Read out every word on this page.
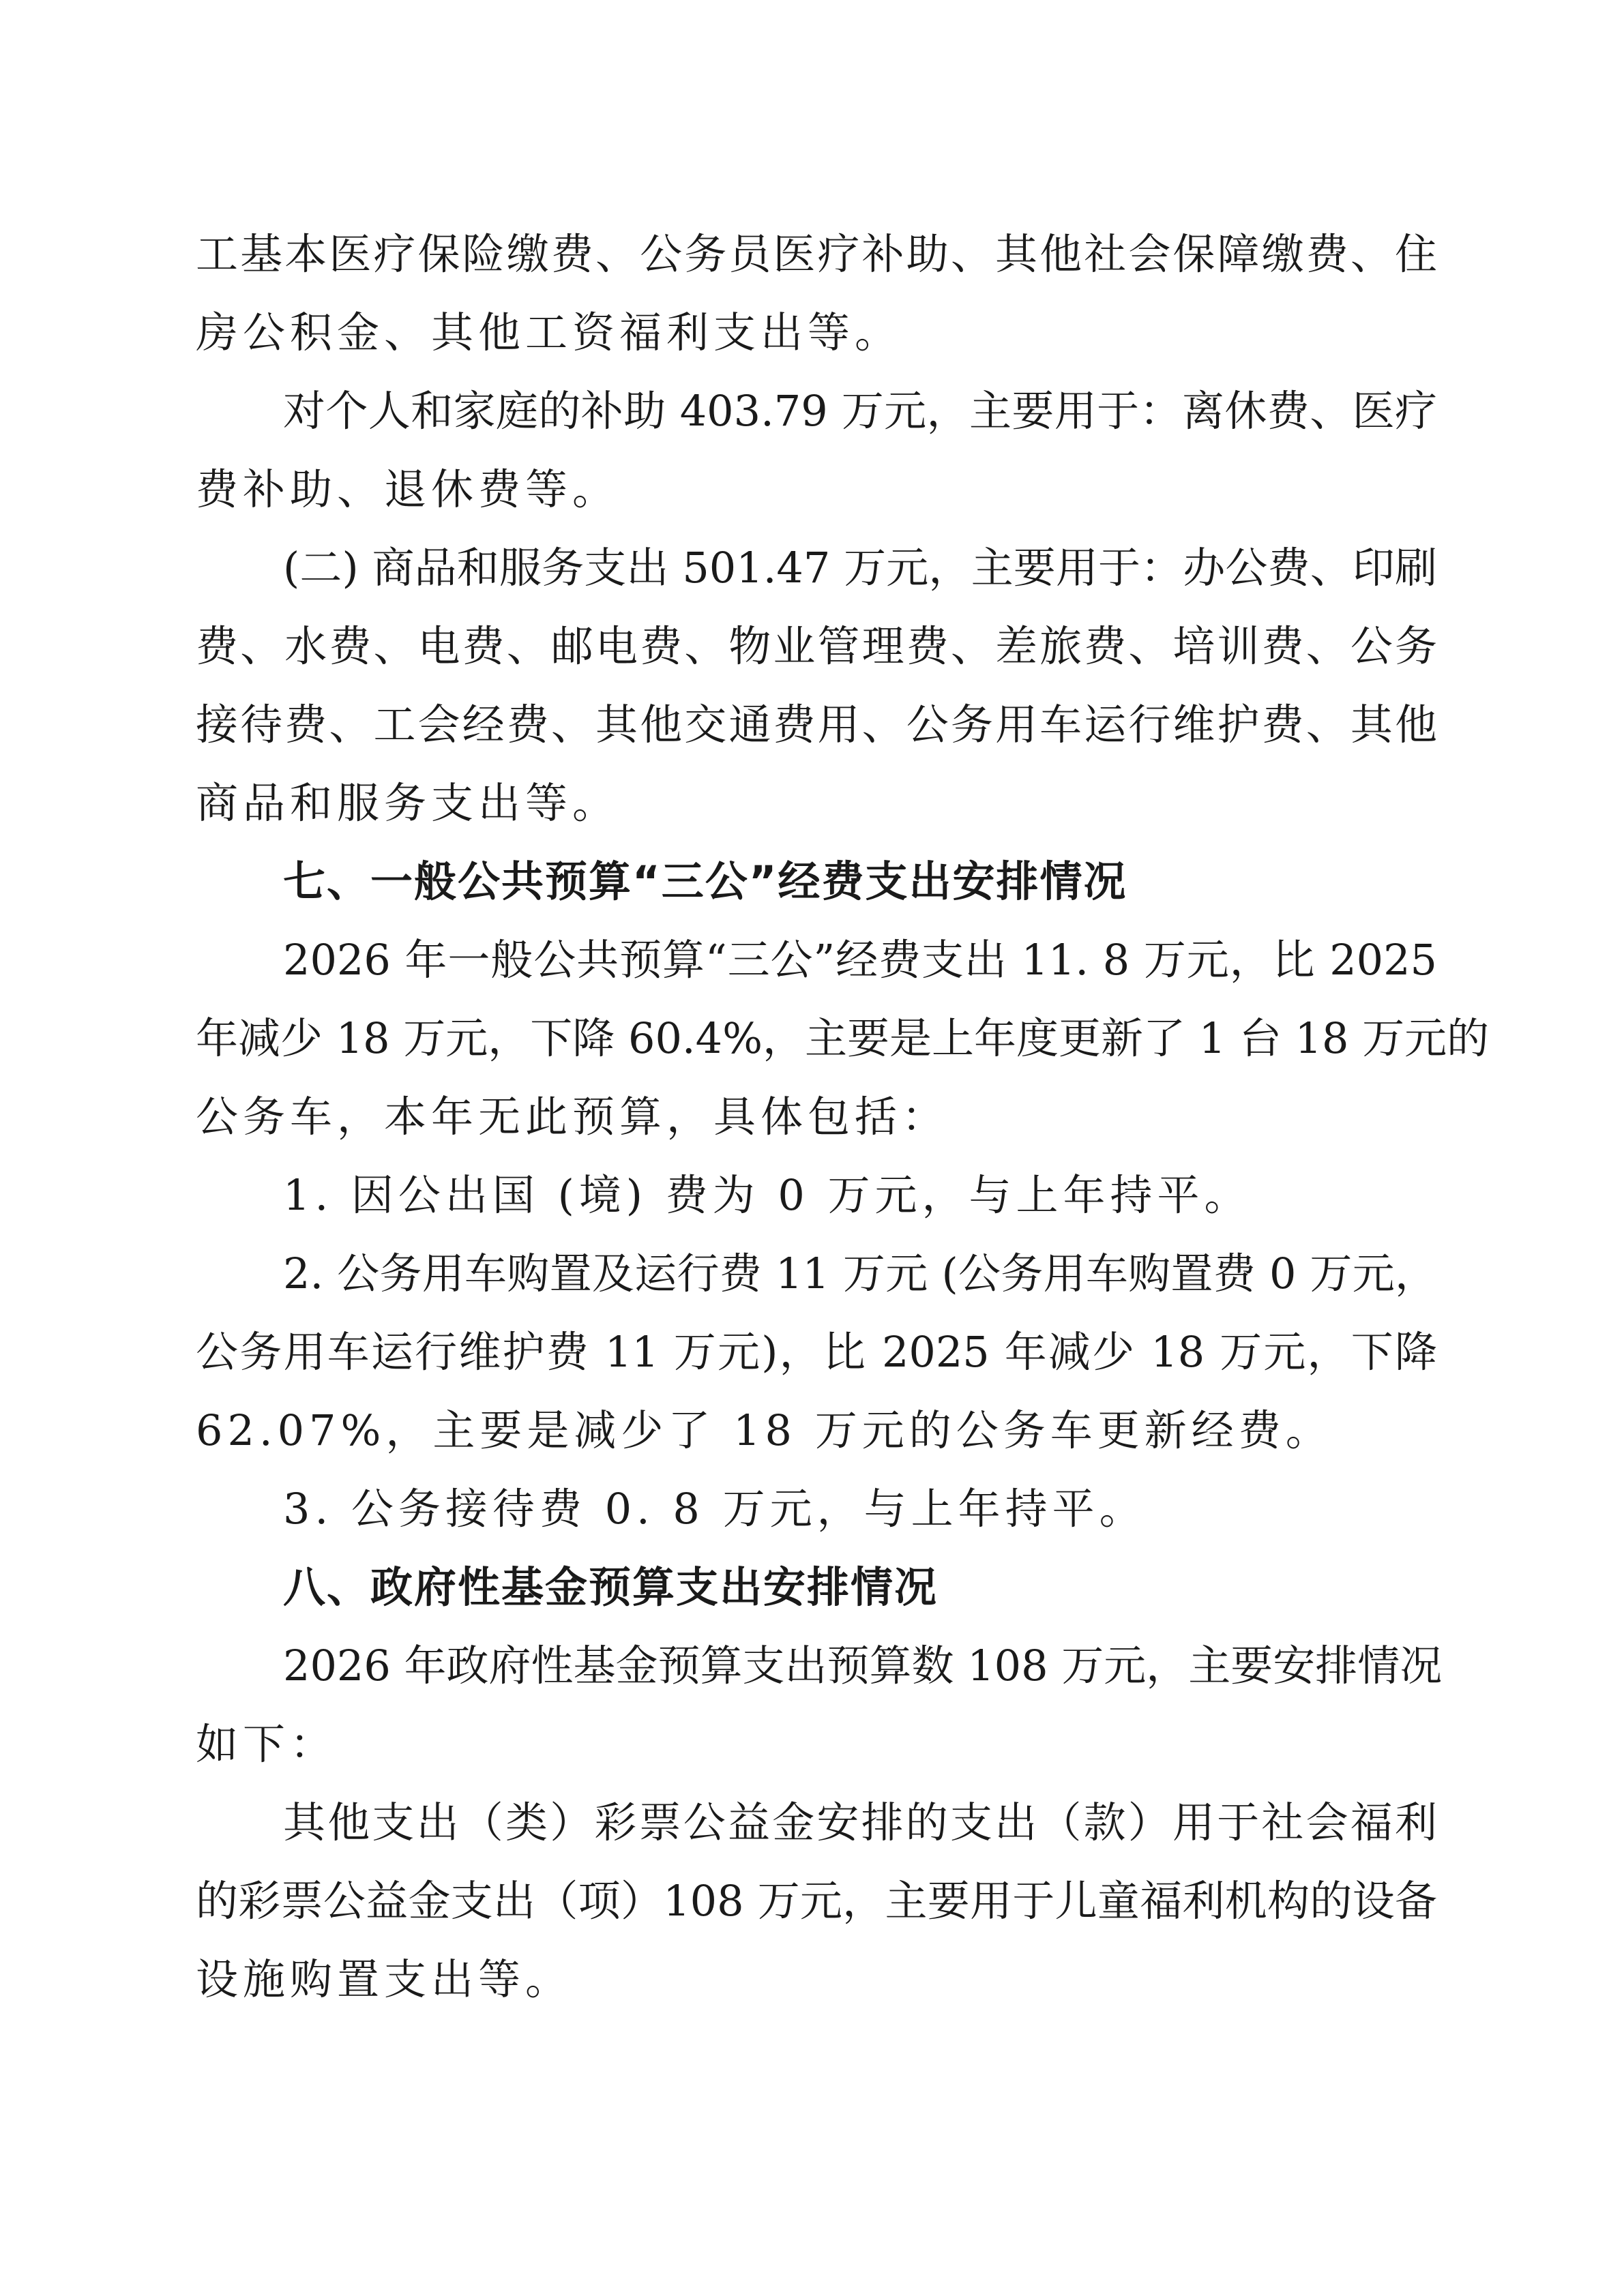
工基本医疗保险缴费、公务员医疗补助、其他社会保障缴费、住
房公积金、其他工资福利支出等。
对个人和家庭的补助 403.79 万元，主要用于：离休费、医疗
费补助、退休费等。
(二) 商品和服务支出 501.47 万元，主要用于：办公费、印刷
费、水费、电费、邮电费、物业管理费、差旅费、培训费、公务
接待费、工会经费、其他交通费用、公务用车运行维护费、其他
商品和服务支出等。
七、一般公共预算“三公”经费支出安排情况
2026 年一般公共预算“三公”经费支出 11. 8 万元，比 2025
年减少 18 万元，下降 60.4%，主要是上年度更新了 1 台 18 万元的
公务车，本年无此预算，具体包括：
1. 因公出国 (境) 费为 0 万元，与上年持平。
2. 公务用车购置及运行费 11 万元 (公务用车购置费 0 万元，
公务用车运行维护费 11 万元)，比 2025 年减少 18 万元，下降
62.07%，主要是减少了 18 万元的公务车更新经费。
3. 公务接待费 0. 8 万元，与上年持平。
八、政府性基金预算支出安排情况
2026 年政府性基金预算支出预算数 108 万元，主要安排情况
如下：
其他支出（类）彩票公益金安排的支出（款）用于社会福利
的彩票公益金支出（项）108 万元，主要用于儿童福利机构的设备
设施购置支出等。
